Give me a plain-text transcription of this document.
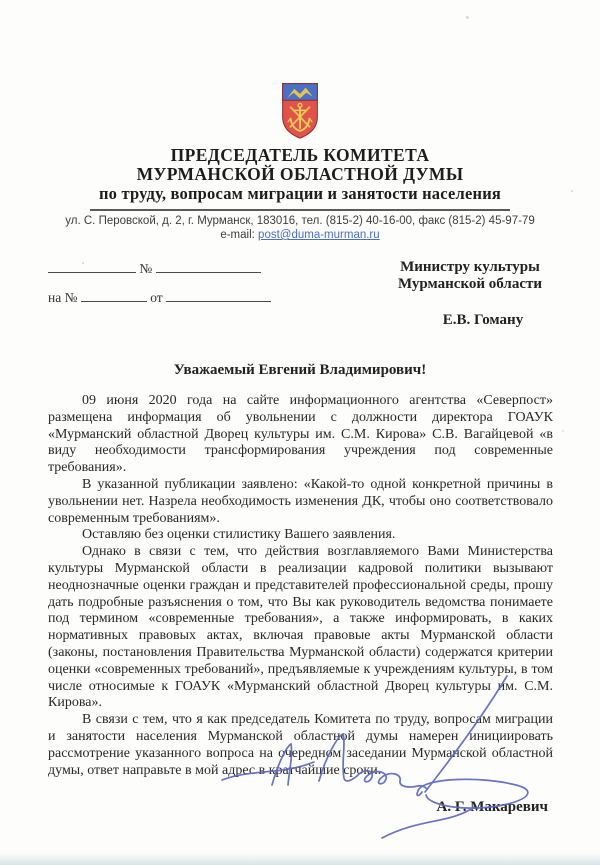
ПРЕДСЕДАТЕЛЬ КОМИТЕТА
МУРМАНСКОЙ ОБЛАСТНОЙ ДУМЫ
по труду, вопросам миграции и занятости населения
ул. С. Перовской, д. 2, г. Мурманск, 183016, тел. (815-2) 40-16-00, факс (815-2) 45-97-79
e-mail: post@duma-murman.ru
№
на №	от
Министру культуры
Мурманской области
Е.В. Гоману
Уважаемый Евгений Владимирович!

09 июня 2020 года на сайте информационного агентства «Северпост» размещена информация об увольнении с должности директора ГОАУК «Мурманский областной Дворец культуры им. С.М. Кирова» С.В. Вагайцевой «в виду необходимости трансформирования учреждения под современные требования».

В указанной публикации заявлено: «Какой-то одной конкретной причины в увольнении нет. Назрела необходимость изменения ДК, чтобы оно соответствовало современным требованиям».

Оставляю без оценки стилистику Вашего заявления.

Однако в связи с тем, что действия возглавляемого Вами Министерства культуры Мурманской области в реализации кадровой политики вызывают неоднозначные оценки граждан и представителей профессиональной среды, прошу дать подробные разъяснения о том, что Вы как руководитель ведомства понимаете под термином «современные требования», а также информировать, в каких нормативных правовых актах, включая правовые акты Мурманской области (законы, постановления Правительства Мурманской области) содержатся критерии оценки «современных требований», предъявляемые к учреждениям культуры, в том числе относимые к ГОАУК «Мурманский областной Дворец культуры им. С.М. Кирова».

В связи с тем, что я как председатель Комитета по труду, вопросам миграции и занятости населения Мурманской областной думы намерен инициировать рассмотрение указанного вопроса на очередном заседании Мурманской областной думы, ответ направьте в мой адрес в кратчайшие сроки.

А. Г. Макаревич
